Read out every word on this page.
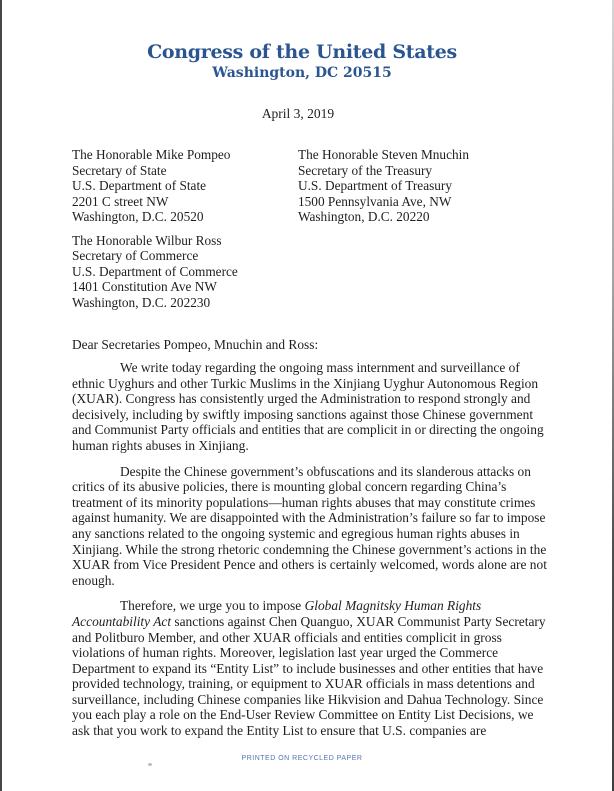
Congress of the United States
Washington, DC 20515
April 3, 2019
The Honorable Mike Pompeo
Secretary of State
U.S. Department of State
2201 C street NW
Washington, D.C. 20520
The Honorable Steven Mnuchin
Secretary of the Treasury
U.S. Department of Treasury
1500 Pennsylvania Ave, NW
Washington, D.C. 20220
The Honorable Wilbur Ross
Secretary of Commerce
U.S. Department of Commerce
1401 Constitution Ave NW
Washington, D.C. 202230
Dear Secretaries Pompeo, Mnuchin and Ross:

We write today regarding the ongoing mass internment and surveillance of ethnic Uyghurs and other Turkic Muslims in the Xinjiang Uyghur Autonomous Region (XUAR). Congress has consistently urged the Administration to respond strongly and decisively, including by swiftly imposing sanctions against those Chinese government and Communist Party officials and entities that are complicit in or directing the ongoing human rights abuses in Xinjiang.

Despite the Chinese government’s obfuscations and its slanderous attacks on critics of its abusive policies, there is mounting global concern regarding China’s treatment of its minority populations—human rights abuses that may constitute crimes against humanity. We are disappointed with the Administration’s failure so far to impose any sanctions related to the ongoing systemic and egregious human rights abuses in Xinjiang. While the strong rhetoric condemning the Chinese government’s actions in the XUAR from Vice President Pence and others is certainly welcomed, words alone are not enough.

Therefore, we urge you to impose Global Magnitsky Human Rights Accountability Act sanctions against Chen Quanguo, XUAR Communist Party Secretary and Politburo Member, and other XUAR officials and entities complicit in gross violations of human rights. Moreover, legislation last year urged the Commerce Department to expand its “Entity List” to include businesses and other entities that have provided technology, training, or equipment to XUAR officials in mass detentions and surveillance, including Chinese companies like Hikvision and Dahua Technology. Since you each play a role on the End-User Review Committee on Entity List Decisions, we ask that you work to expand the Entity List to ensure that U.S. companies are

PRINTED ON RECYCLED PAPER
